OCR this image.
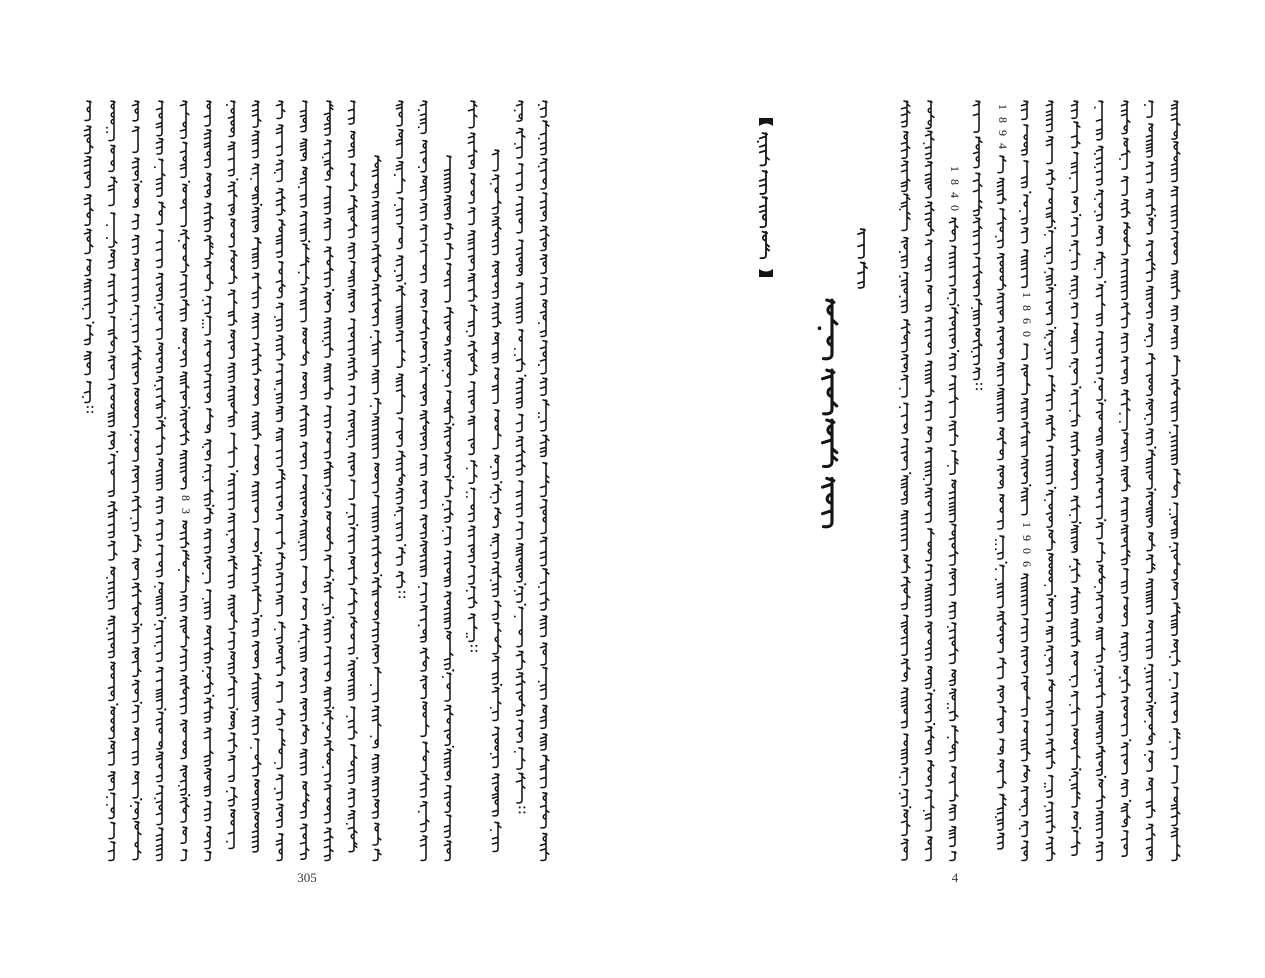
8 3
305
1 8 9 4
1 8 6 0
1 9 0 6
1 8 4 0
4
